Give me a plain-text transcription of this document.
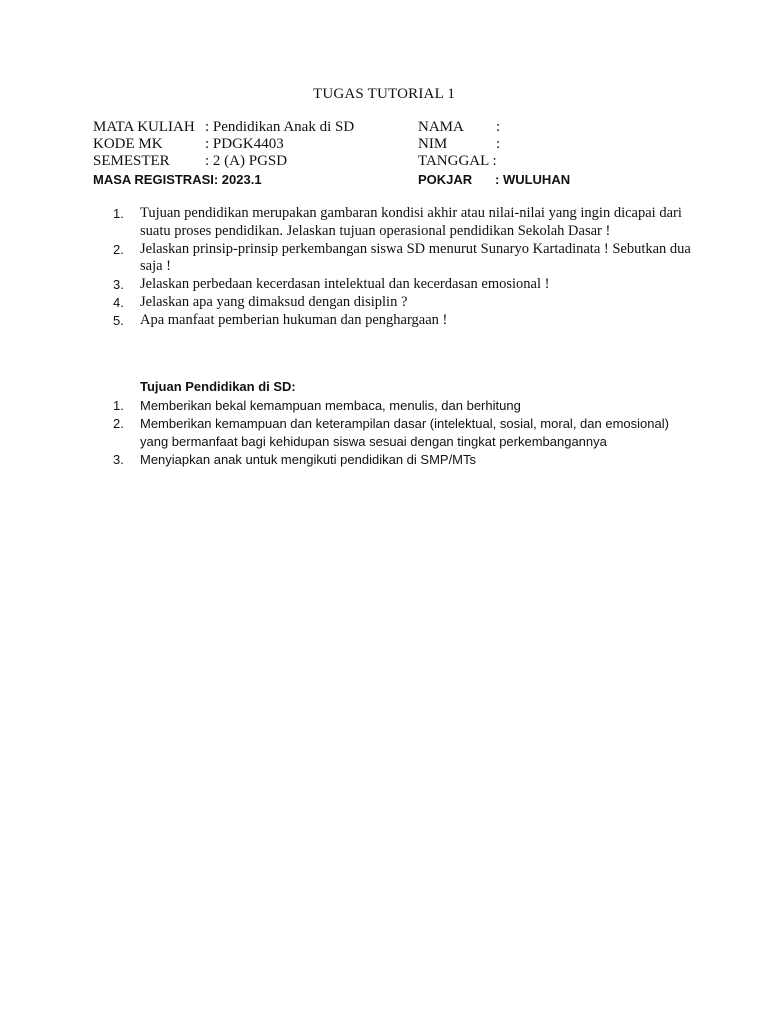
TUGAS TUTORIAL 1
MATA KULIAH : Pendidikan Anak di SD	NAMA :
KODE MK	: PDGK4403	NIM	:
SEMESTER : 2 (A) PGSD	TANGGAL :
MASA REGISTRASI: 2023.1	POKJAR : WULUHAN
1. Tujuan pendidikan merupakan gambaran kondisi akhir atau nilai-nilai yang ingin dicapai dari suatu proses pendidikan. Jelaskan tujuan operasional pendidikan Sekolah Dasar !
2. Jelaskan prinsip-prinsip perkembangan siswa SD menurut Sunaryo Kartadinata ! Sebutkan dua saja !
3. Jelaskan perbedaan kecerdasan intelektual dan kecerdasan emosional !
4. Jelaskan apa yang dimaksud dengan disiplin ?
5. Apa manfaat pemberian hukuman dan penghargaan !
Tujuan Pendidikan di SD:
1. Memberikan bekal kemampuan membaca, menulis, dan berhitung
2. Memberikan kemampuan dan keterampilan dasar (intelektual, sosial, moral, dan emosional) yang bermanfaat bagi kehidupan siswa sesuai dengan tingkat perkembangannya
3. Menyiapkan anak untuk mengikuti pendidikan di SMP/MTs
